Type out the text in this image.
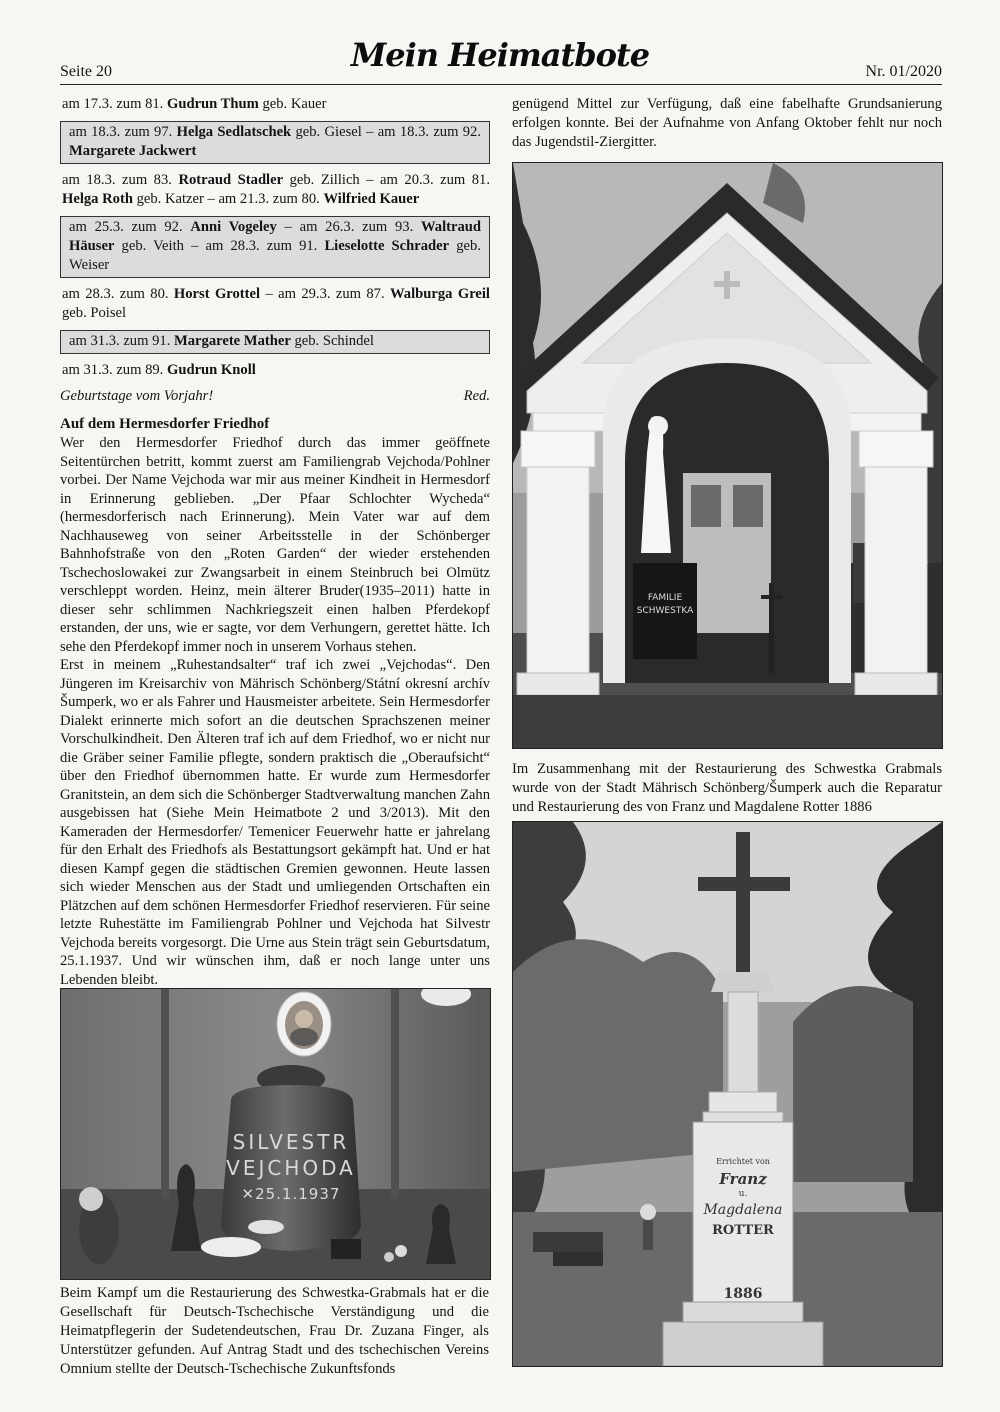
Seite 20	Mein Heimatbote	Nr. 01/2020

am 17.3. zum 81. Gudrun Thum geb. Kauer

am 18.3. zum 97. Helga Sedlatschek geb. Giesel – am 18.3. zum 92. Margarete Jackwert

am 18.3. zum 83. Rotraud Stadler geb. Zillich – am 20.3. zum 81. Helga Roth geb. Katzer – am 21.3. zum 80. Wilfried Kauer

am 25.3. zum 92. Anni Vogeley – am 26.3. zum 93. Waltraud Häuser geb. Veith – am 28.3. zum 91. Lieselotte Schrader geb. Weiser

am 28.3. zum 80. Horst Grottel – am 29.3. zum 87. Walburga Greil geb. Poisel

am 31.3. zum 91. Margarete Mather geb. Schindel

am 31.3. zum 89. Gudrun Knoll

Geburtstage vom Vorjahr!	Red.

Auf dem Hermesdorfer Friedhof

Wer den Hermesdorfer Friedhof durch das immer geöffnete Seitentürchen betritt, kommt zuerst am Familiengrab Vejchoda/Pohlner vorbei. Der Name Vejchoda war mir aus meiner Kindheit in Hermesdorf in Erinnerung geblieben. „Der Pfaar Schlochter Wycheda“ (hermesdorferisch nach Erinnerung). Mein Vater war auf dem Nachhauseweg von seiner Arbeitsstelle in der Schönberger Bahnhofstraße von den „Roten Garden“ der wieder erstehenden Tschechoslowakei zur Zwangsarbeit in einem Steinbruch bei Olmütz verschleppt worden. Heinz, mein älterer Bruder(1935–2011) hatte in dieser sehr schlimmen Nachkriegszeit einen halben Pferdekopf erstanden, der uns, wie er sagte, vor dem Verhungern, gerettet hätte. Ich sehe den Pferdekopf immer noch in unserem Vorhaus stehen.

Erst in meinem „Ruhestandsalter“ traf ich zwei „Vejchodas“. Den Jüngeren im Kreisarchiv von Mährisch Schönberg/Státní okresní archív Šumperk, wo er als Fahrer und Hausmeister arbeitete. Sein Hermesdorfer Dialekt erinnerte mich sofort an die deutschen Sprachszenen meiner Vorschulkindheit. Den Älteren traf ich auf dem Friedhof, wo er nicht nur die Gräber seiner Familie pflegte, sondern praktisch die „Oberaufsicht“ über den Friedhof übernommen hatte. Er wurde zum Hermesdorfer Granitstein, an dem sich die Schönberger Stadtverwaltung manchen Zahn ausgebissen hat (Siehe Mein Heimatbote 2 und 3/2013). Mit den Kameraden der Hermesdorfer/ Temenicer Feuerwehr hatte er jahrelang für den Erhalt des Friedhofs als Bestattungsort gekämpft hat. Und er hat diesen Kampf gegen die städtischen Gremien gewonnen. Heute lassen sich wieder Menschen aus der Stadt und umliegenden Ortschaften ein Plätzchen auf dem schönen Hermesdorfer Friedhof reservieren. Für seine letzte Ruhestätte im Familiengrab Pohlner und Vejchoda hat Silvestr Vejchoda bereits vorgesorgt. Die Urne aus Stein trägt sein Geburtsdatum, 25.1.1937. Und wir wünschen ihm, daß er noch lange unter uns Lebenden bleibt.

SILVESTR
VEJCHODA
✕25.1.1937

Beim Kampf um die Restaurierung des Schwestka-Grabmals hat er die Gesellschaft für Deutsch-Tschechische Verständigung und die Heimatpflegerin der Sudetendeutschen, Frau Dr. Zuzana Finger, als Unterstützer gefunden. Auf Antrag Stadt und des tschechischen Vereins Omnium stellte der Deutsch-Tschechische Zukunftsfonds

genügend Mittel zur Verfügung, daß eine fabelhafte Grundsanierung erfolgen konnte. Bei der Aufnahme von Anfang Oktober fehlt nur noch das Jugendstil-Ziergitter.

FAMILIE
SCHWESTKA

Im Zusammenhang mit der Restaurierung des Schwestka Grabmals wurde von der Stadt Mährisch Schönberg/Šumperk auch die Reparatur und Restaurierung des von Franz und Magdalene Rotter 1886

Errichtet von
Franz
u.
Magdalena
ROTTER
1886
